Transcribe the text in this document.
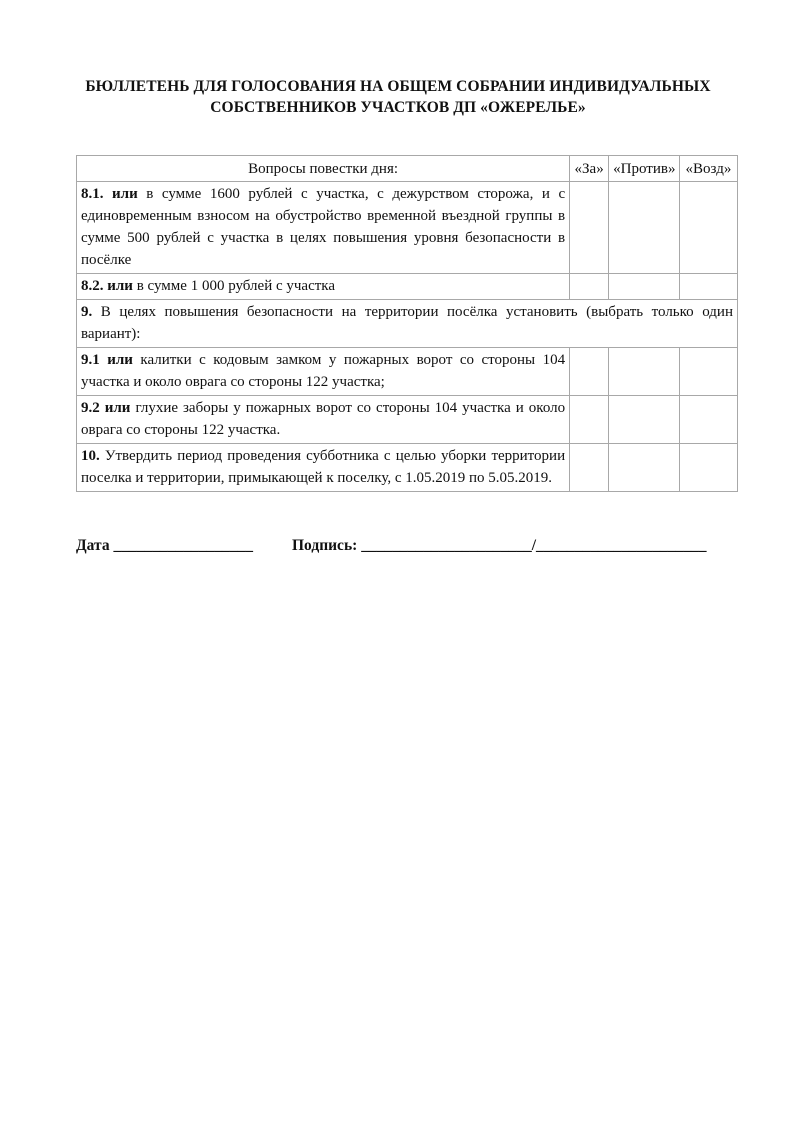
БЮЛЛЕТЕНЬ ДЛЯ ГОЛОСОВАНИЯ НА ОБЩЕМ СОБРАНИИ ИНДИВИДУАЛЬНЫХ
СОБСТВЕННИКОВ УЧАСТКОВ ДП «ОЖЕРЕЛЬЕ»
Вопросы повестки дня:	«За»	«Против»	«Возд»
8.1. или в сумме 1600 рублей с участка, с дежурством сторожа, и с единовременным взносом на обустройство временной въездной группы в сумме 500 рублей с участка в целях повышения уровня безопасности в посёлке			
8.2. или в сумме 1 000 рублей с участка			
9. В целях повышения безопасности на территории посёлка установить (выбрать только один вариант):			
9.1 или калитки с кодовым замком у пожарных ворот со стороны 104 участка и около оврага со стороны 122 участка;			
9.2 или глухие заборы у пожарных ворот со стороны 104 участка и около оврага со стороны 122 участка.			
10. Утвердить период проведения субботника с целью уборки территории поселка и территории, примыкающей к поселку, с 1.05.2019 по 5.05.2019.			
Дата __________________	Подпись: ______________________/______________________
